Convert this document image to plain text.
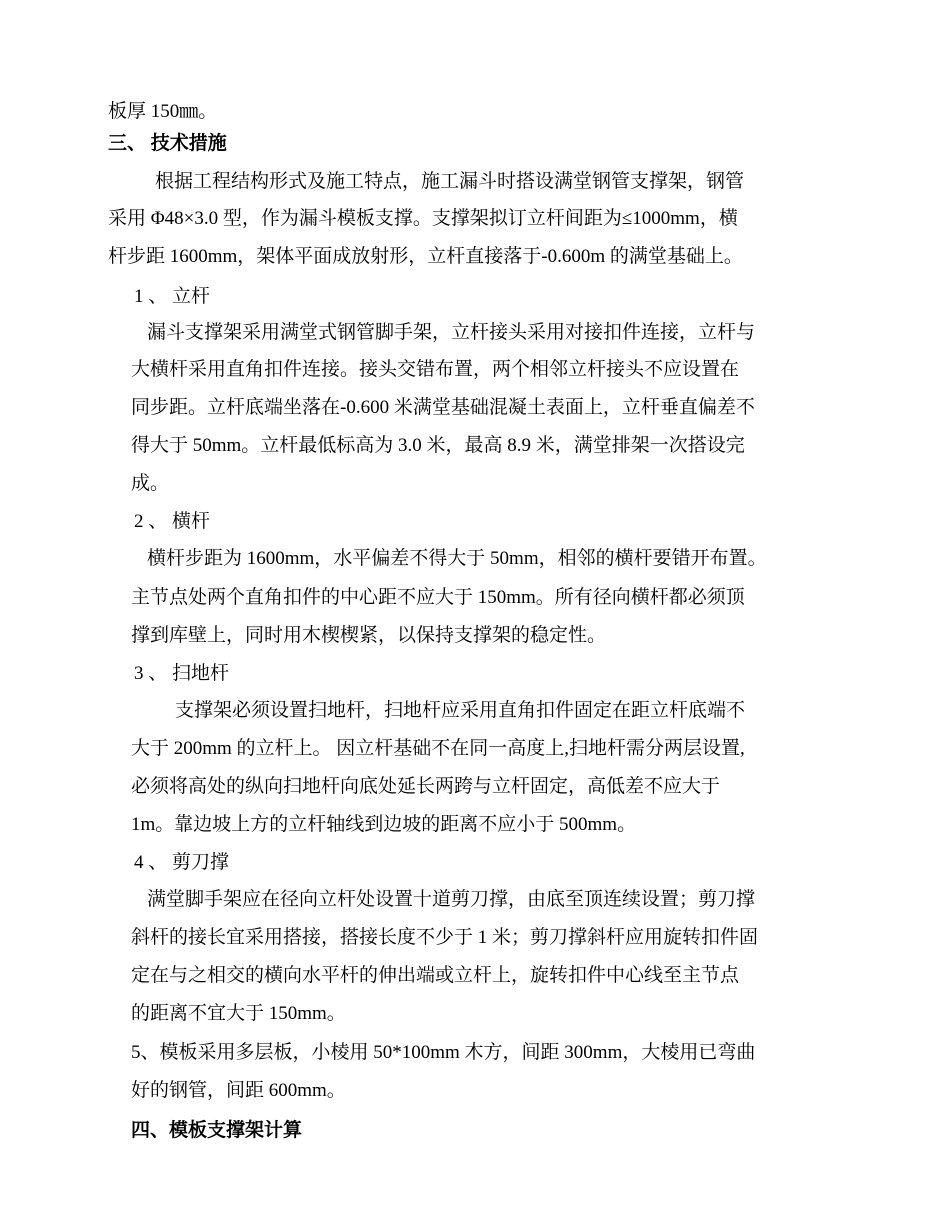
板厚 150㎜。
三、 技术措施
根据工程结构形式及施工特点，施工漏斗时搭设满堂钢管支撑架，钢管
采用 Φ48×3.0 型，作为漏斗模板支撑。支撑架拟订立杆间距为≤1000mm，横
杆步距 1600mm，架体平面成放射形，立杆直接落于-0.600m 的满堂基础上。
1 、 立杆
漏斗支撑架采用满堂式钢管脚手架，立杆接头采用对接扣件连接，立杆与
大横杆采用直角扣件连接。接头交错布置，两个相邻立杆接头不应设置在
同步距。立杆底端坐落在-0.600 米满堂基础混凝土表面上，立杆垂直偏差不
得大于 50mm。立杆最低标高为 3.0 米，最高 8.9 米，满堂排架一次搭设完
成。
2 、 横杆
横杆步距为 1600mm，水平偏差不得大于 50mm，相邻的横杆要错开布置。
主节点处两个直角扣件的中心距不应大于 150mm。所有径向横杆都必须顶
撑到库壁上，同时用木楔楔紧，以保持支撑架的稳定性。
3 、 扫地杆
支撑架必须设置扫地杆，扫地杆应采用直角扣件固定在距立杆底端不
大于 200mm 的立杆上。 因立杆基础不在同一高度上,扫地杆需分两层设置,
必须将高处的纵向扫地杆向底处延长两跨与立杆固定，高低差不应大于
1m。靠边坡上方的立杆轴线到边坡的距离不应小于 500mm。
4 、 剪刀撑
满堂脚手架应在径向立杆处设置十道剪刀撑，由底至顶连续设置；剪刀撑
斜杆的接长宜采用搭接，搭接长度不少于 1 米；剪刀撑斜杆应用旋转扣件固
定在与之相交的横向水平杆的伸出端或立杆上，旋转扣件中心线至主节点
的距离不宜大于 150mm。
5、模板采用多层板，小棱用 50*100mm 木方，间距 300mm，大棱用已弯曲
好的钢管，间距 600mm。
四、模板支撑架计算
